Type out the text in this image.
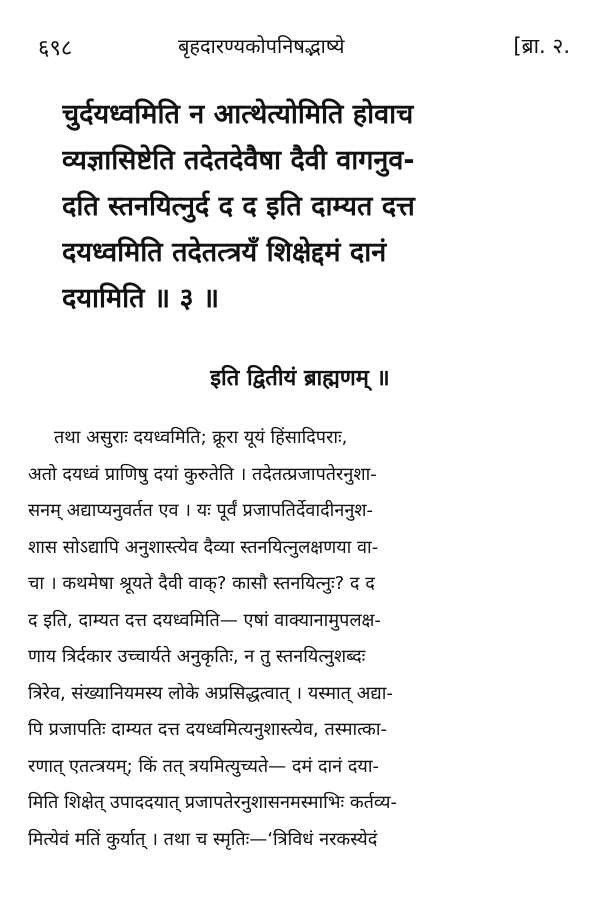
६९८	बृहदारण्यकोपनिषद्भाष्ये	[ब्रा. २.
चुर्दयध्वमिति न आत्थेत्योमिति होवाच
व्यज्ञासिष्टेति तदेतदेवैषा दैवी वागनुव-
दति स्तनयित्नुर्द द द इति दाम्यत दत्त
दयध्वमिति तदेतत्त्रयँ शिक्षेद्दमं दानं
दयामिति ॥ ३ ॥
इति द्वितीयं ब्राह्मणम् ॥
तथा असुराः दयध्वमिति; क्रूरा यूयं हिंसादिपराः,
अतो दयध्वं प्राणिषु दयां कुरुतेति । तदेतत्प्रजापतेरनुशा-
सनम् अद्याप्यनुवर्तत एव । यः पूर्वं प्रजापतिर्देवादीननुश-
शास सोऽद्यापि अनुशास्त्येव दैव्या स्तनयित्नुलक्षणया वा-
चा । कथमेषा श्रूयते दैवी वाक्? कासौ स्तनयित्नुः? द द
द इति, दाम्यत दत्त दयध्वमिति— एषां वाक्यानामुपलक्ष-
णाय त्रिर्दकार उच्चार्यते अनुकृतिः, न तु स्तनयित्नुशब्दः
त्रिरेव, संख्यानियमस्य लोके अप्रसिद्धत्वात् । यस्मात् अद्या-
पि प्रजापतिः दाम्यत दत्त दयध्वमित्यनुशास्त्येव, तस्मात्का-
रणात् एतत्त्रयम्; किं तत् त्रयमित्युच्यते— दमं दानं दया-
मिति शिक्षेत् उपाददयात् प्रजापतेरनुशासनमस्माभिः कर्तव्य-
मित्येवं मतिं कुर्यात् । तथा च स्मृतिः—‘त्रिविधं नरकस्येदं
